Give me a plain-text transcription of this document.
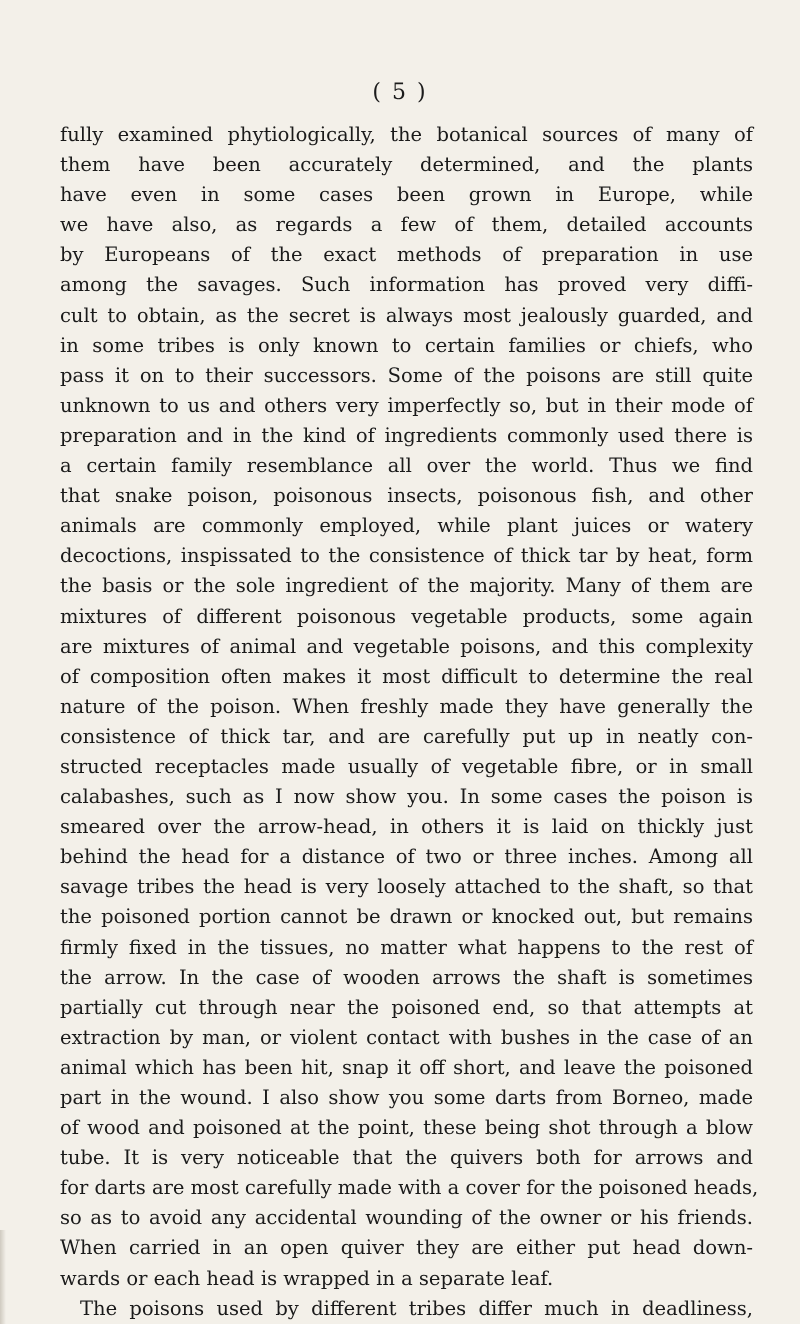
( 5 )
fully examined phytiologically, the botanical sources of many of
them have been accurately determined, and the plants
have even in some cases been grown in Europe, while
we have also, as regards a few of them, detailed accounts
by Europeans of the exact methods of preparation in use
among the savages. Such information has proved very diffi-
cult to obtain, as the secret is always most jealously guarded, and
in some tribes is only known to certain families or chiefs, who
pass it on to their successors. Some of the poisons are still quite
unknown to us and others very imperfectly so, but in their mode of
preparation and in the kind of ingredients commonly used there is
a certain family resemblance all over the world. Thus we find
that snake poison, poisonous insects, poisonous fish, and other
animals are commonly employed, while plant juices or watery
decoctions, inspissated to the consistence of thick tar by heat, form
the basis or the sole ingredient of the majority. Many of them are
mixtures of different poisonous vegetable products, some again
are mixtures of animal and vegetable poisons, and this complexity
of composition often makes it most difficult to determine the real
nature of the poison. When freshly made they have generally the
consistence of thick tar, and are carefully put up in neatly con-
structed receptacles made usually of vegetable fibre, or in small
calabashes, such as I now show you. In some cases the poison is
smeared over the arrow-head, in others it is laid on thickly just
behind the head for a distance of two or three inches. Among all
savage tribes the head is very loosely attached to the shaft, so that
the poisoned portion cannot be drawn or knocked out, but remains
firmly fixed in the tissues, no matter what happens to the rest of
the arrow. In the case of wooden arrows the shaft is sometimes
partially cut through near the poisoned end, so that attempts at
extraction by man, or violent contact with bushes in the case of an
animal which has been hit, snap it off short, and leave the poisoned
part in the wound. I also show you some darts from Borneo, made
of wood and poisoned at the point, these being shot through a blow
tube. It is very noticeable that the quivers both for arrows and
for darts are most carefully made with a cover for the poisoned heads,
so as to avoid any accidental wounding of the owner or his friends.
When carried in an open quiver they are either put head down-
wards or each head is wrapped in a separate leaf.
The poisons used by different tribes differ much in deadliness,
